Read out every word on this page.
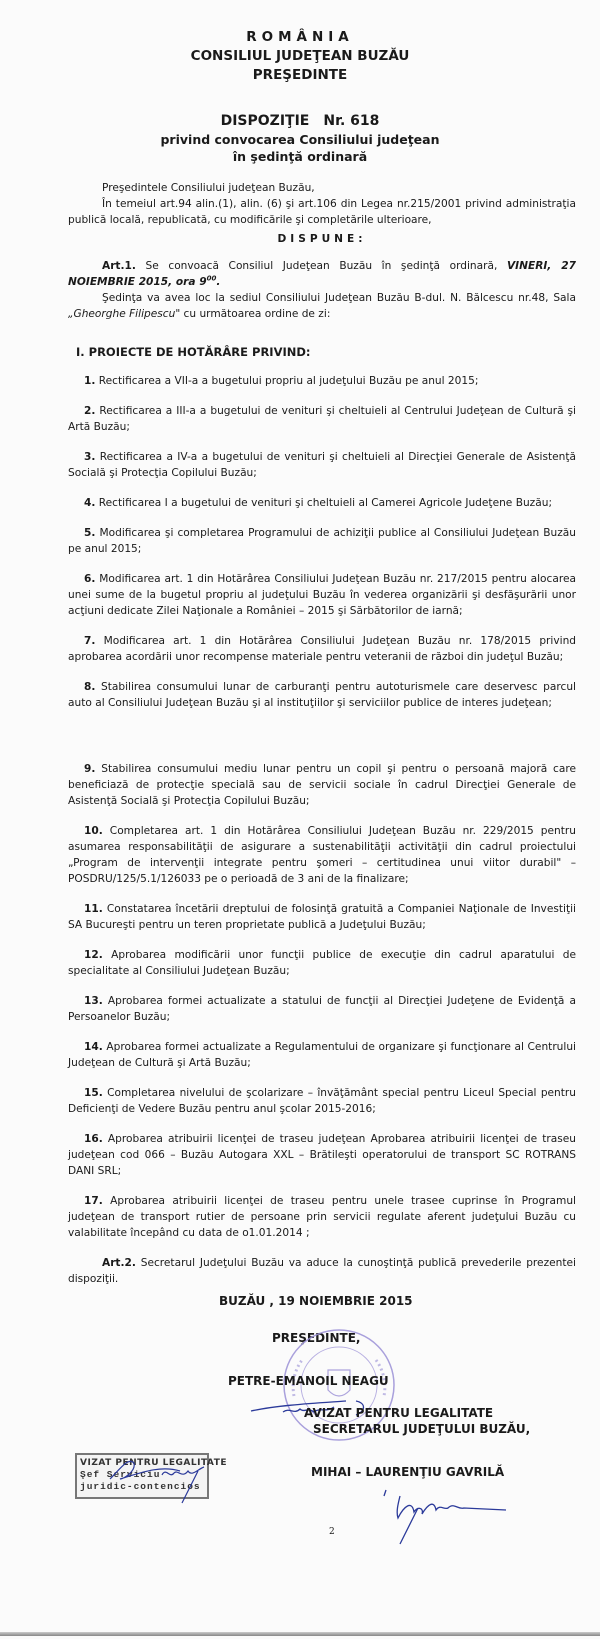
ROMÂNIA
CONSILIUL JUDEŢEAN BUZĂU
PREŞEDINTE
DISPOZIŢIE Nr. 618
privind convocarea Consiliului judeţean
în şedinţă ordinară
Preşedintele Consiliului judeţean Buzău,
În temeiul art.94 alin.(1), alin. (6) şi art.106 din Legea nr.215/2001 privind administraţia publică locală, republicată, cu modificările şi completările ulterioare,
DISPUNE:
Art.1. Se convoacă Consiliul Judeţean Buzău în şedinţă ordinară, VINERI, 27 NOIEMBRIE 2015, ora $9^{00}$.
Şedinţa va avea loc la sediul Consiliului Judeţean Buzău B-dul. N. Bălcescu nr.48, Sala „Gheorghe Filipescu" cu următoarea ordine de zi:
I. PROIECTE DE HOTĂRÂRE PRIVIND:
1. Rectificarea a VII-a a bugetului propriu al judeţului Buzău pe anul 2015;
2. Rectificarea a III-a a bugetului de venituri şi cheltuieli al Centrului Judeţean de Cultură şi Artă Buzău;
3. Rectificarea a IV-a a bugetului de venituri şi cheltuieli al Direcţiei Generale de Asistenţă Socială şi Protecţia Copilului Buzău;
4. Rectificarea I a bugetului de venituri şi cheltuieli al Camerei Agricole Judeţene Buzău;
5. Modificarea şi completarea Programului de achiziţii publice al Consiliului Judeţean Buzău pe anul 2015;
6. Modificarea art. 1 din Hotărârea Consiliului Judeţean Buzău nr. 217/2015 pentru alocarea unei sume de la bugetul propriu al judeţului Buzău în vederea organizării şi desfăşurării unor acţiuni dedicate Zilei Naţionale a României – 2015 şi Sărbătorilor de iarnă;
7. Modificarea art. 1 din Hotărârea Consiliului Judeţean Buzău nr. 178/2015 privind aprobarea acordării unor recompense materiale pentru veteranii de război din judeţul Buzău;
8. Stabilirea consumului lunar de carburanţi pentru autoturismele care deservesc parcul auto al Consiliului Judeţean Buzău şi al instituţiilor şi serviciilor publice de interes judeţean;
9. Stabilirea consumului mediu lunar pentru un copil şi pentru o persoană majoră care beneficiază de protecţie specială sau de servicii sociale în cadrul Direcţiei Generale de Asistenţă Socială şi Protecţia Copilului Buzău;
10. Completarea art. 1 din Hotărârea Consiliului Judeţean Buzău nr. 229/2015 pentru asumarea responsabilităţii de asigurare a sustenabilităţii activităţii din cadrul proiectului „Program de intervenţii integrate pentru şomeri – certitudinea unui viitor durabil" – POSDRU/125/5.1/126033 pe o perioadă de 3 ani de la finalizare;
11. Constatarea încetării dreptului de folosinţă gratuită a Companiei Naţionale de Investiţii SA Bucureşti pentru un teren proprietate publică a Judeţului Buzău;
12. Aprobarea modificării unor funcţii publice de execuţie din cadrul aparatului de specialitate al Consiliului Judeţean Buzău;
13. Aprobarea formei actualizate a statului de funcţii al Direcţiei Judeţene de Evidenţă a Persoanelor Buzău;
14. Aprobarea formei actualizate a Regulamentului de organizare şi funcţionare al Centrului Judeţean de Cultură şi Artă Buzău;
15. Completarea nivelului de şcolarizare – învăţământ special pentru Liceul Special pentru Deficienţi de Vedere Buzău pentru anul şcolar 2015-2016;
16. Aprobarea atribuirii licenţei de traseu judeţean Aprobarea atribuirii licenţei de traseu judeţean cod 066 – Buzău Autogara XXL – Brătileşti operatorului de transport SC ROTRANS DANI SRL;
17. Aprobarea atribuirii licenţei de traseu pentru unele trasee cuprinse în Programul judeţean de transport rutier de persoane prin servicii regulate aferent judeţului Buzău cu valabilitate începând cu data de o1.01.2014 ;
Art.2. Secretarul Judeţului Buzău va aduce la cunoştinţă publică prevederile prezentei dispoziţii.
BUZĂU , 19 NOIEMBRIE 2015
PREŞEDINTE,
PETRE-EMANOIL NEAGU
AVIZAT PENTRU LEGALITATE
SECRETARUL JUDEŢULUI BUZĂU,
MIHAI – LAURENŢIU GAVRILĂ
VIZAT PENTRU LEGALITATE
Şef Serviciu
juridic-contencios
2
